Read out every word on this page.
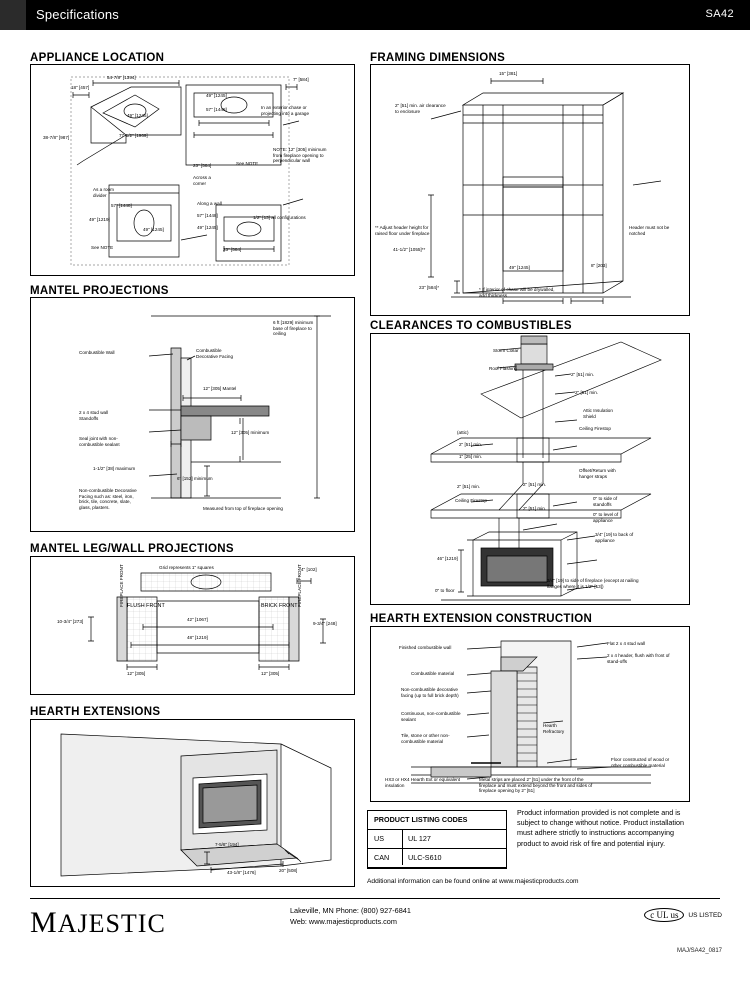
Specifications	SA42
APPLIANCE LOCATION
18" [457]
54-7/8" [1394]	7" [584]
49" [1245]
57" [1448]
49" [1245]
38-7/8" [987]	77-1/2" [1969]
23" [584]
57" [1448]
49" [1219]
49" [1245]
57" [1448]
49" [1245]
23" [584]
1/2" [13] all configurations
Across a corner
In an exterior chase or projecting into a garage
NOTE: 12" [305] minimum from fireplace opening to perpendicular wall
See NOTE
See NOTE
As a room divider
Along a wall
FRAMING DIMENSIONS
15" [381]
2" [51] min. air clearance to enclosure
** Adjust header height for raised floor under fireplace
41-1/2" [1055]**
23" [584]*	* If interior of chase will be drywalled, add thickness
49" [1245]	8" [203]
Header must not be notched
MANTEL PROJECTIONS
6 ft [1829] minimum base of fireplace to ceiling
Combustible Wall	Combustible Decorative Facing
2 x 4 stud wall Standoffs
12" [305] Mantel
12" [305] minimum
Seal joint with non-combustible sealant
1-1/2" [38] maximum
6" [152] minimum
Non-combustible Decorative Facing such as: steel, iron, brick, tile, concrete, slate, glass, plasters.	Measured from top of fireplace opening
CLEARANCES TO COMBUSTIBLES
Storm Collar
Roof Flashing
2" [51] min.
2" [51] min.
Attic Insulation Shield
(attic)
Ceiling Firestop
2" [51] min.
1" [25] min.
Ceiling Firestop
Offset/Return with hanger straps
2" [51] min.	2" [51] min.
2" [51] min.
0" to side of standoffs
0" to level of appliance
46" [1219]
0" to floor
3/4" [19] to back of appliance
3/4" [19] to side of fireplace (except at nailing flanges where it is 1/2" [13])
MANTEL LEG/WALL PROJECTIONS
Grid represents 1" squares
FLUSH FRONT	BRICK FRONT
4" [102]
10-3/4" [273]	9-3/4" [248]
42" [1067]
48" [1219]
12" [305]	12" [305]
FIREPLACE FRONT	FIREPLACE FRONT
HEARTH EXTENSIONS
7-5/8" [194]
43-1/8" [1476]	20" [508]
HEARTH EXTENSION CONSTRUCTION
Finished combustible wall
Flat 2 x 4 stud wall
2 x 4 header, flush with front of stand-offs
Combustible material
Non-combustible decorative facing (up to full brick depth)
Continuous, non-combustible sealant
Tile, stone or other non-combustible material
Hearth Refractory
Floor constructed of wood or other combustible material
HX3 or HX4 Hearth Ext or equivalent insulation
Metal strips are placed 2" [51] under the front of the fireplace and must extend beyond the front and sides of fireplace opening by 2" [51]
PRODUCT LISTING CODES
US	UL 127
CAN	ULC-S610
Product information provided is not complete and is subject to change without notice. Product installation must adhere strictly to instructions accompanying product to avoid risk of fire and potential injury.
Additional information can be found online at www.majesticproducts.com
MAJESTIC	Lakeville, MN Phone: (800) 927-6841
Web: www.majesticproducts.com
c UL us US LISTED
MAJ/SA42_0817
